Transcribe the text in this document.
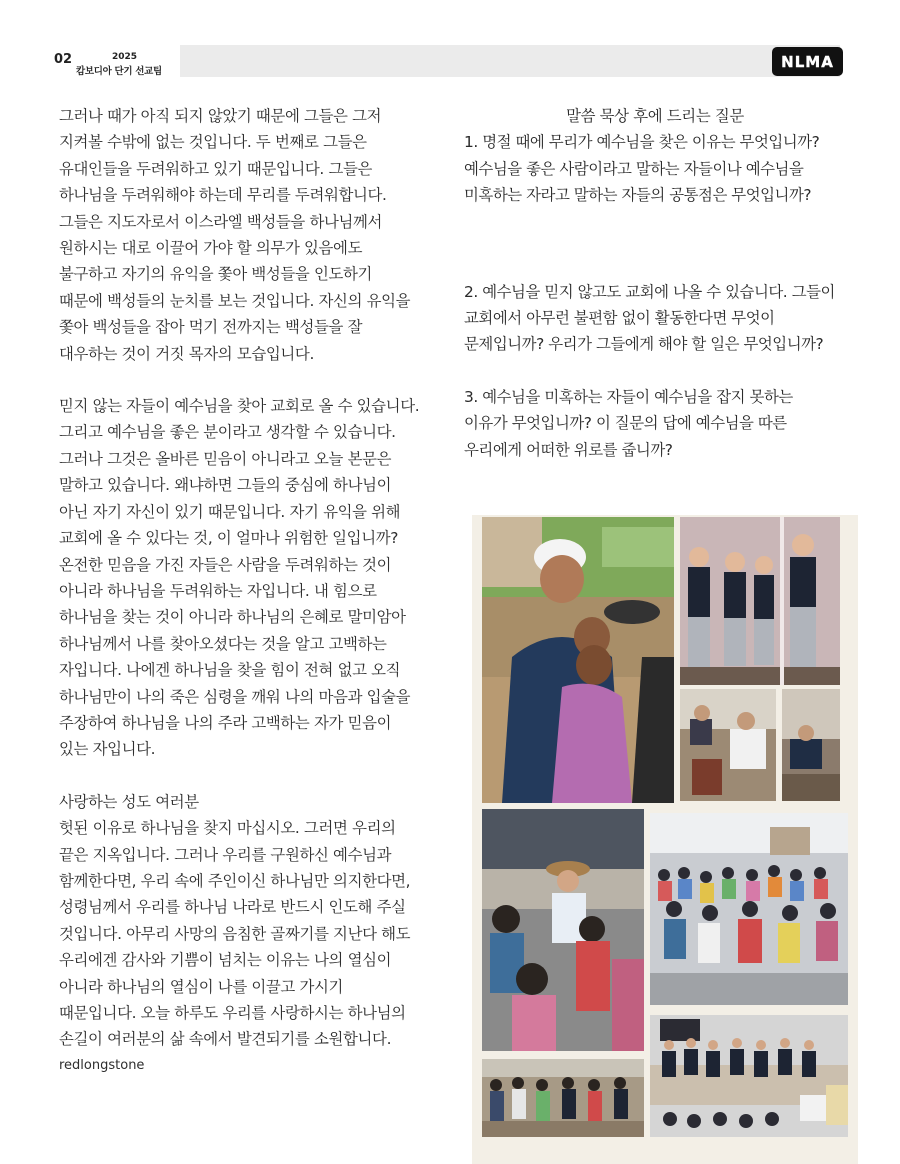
02	2025
캄보디아 단기 선교팀
NLMA

그러나 때가 아직 되지 않았기 때문에 그들은 그저
지켜볼 수밖에 없는 것입니다. 두 번째로 그들은
유대인들을 두려워하고 있기 때문입니다. 그들은
하나님을 두려워해야 하는데 무리를 두려워합니다.
그들은 지도자로서 이스라엘 백성들을 하나님께서
원하시는 대로 이끌어 가야 할 의무가 있음에도
불구하고 자기의 유익을 쫓아 백성들을 인도하기
때문에 백성들의 눈치를 보는 것입니다. 자신의 유익을
쫓아 백성들을 잡아 먹기 전까지는 백성들을 잘
대우하는 것이 거짓 목자의 모습입니다.

믿지 않는 자들이 예수님을 찾아 교회로 올 수 있습니다.
그리고 예수님을 좋은 분이라고 생각할 수 있습니다.
그러나 그것은 올바른 믿음이 아니라고 오늘 본문은
말하고 있습니다. 왜냐하면 그들의 중심에 하나님이
아닌 자기 자신이 있기 때문입니다. 자기 유익을 위해
교회에 올 수 있다는 것, 이 얼마나 위험한 일입니까?
온전한 믿음을 가진 자들은 사람을 두려워하는 것이
아니라 하나님을 두려워하는 자입니다. 내 힘으로
하나님을 찾는 것이 아니라 하나님의 은혜로 말미암아
하나님께서 나를 찾아오셨다는 것을 알고 고백하는
자입니다. 나에겐 하나님을 찾을 힘이 전혀 없고 오직
하나님만이 나의 죽은 심령을 깨워 나의 마음과 입술을
주장하여 하나님을 나의 주라 고백하는 자가 믿음이
있는 자입니다.

사랑하는 성도 여러분
헛된 이유로 하나님을 찾지 마십시오. 그러면 우리의
끝은 지옥입니다. 그러나 우리를 구원하신 예수님과
함께한다면, 우리 속에 주인이신 하나님만 의지한다면,
성령님께서 우리를 하나님 나라로 반드시 인도해 주실
것입니다. 아무리 사망의 음침한 골짜기를 지난다 해도
우리에겐 감사와 기쁨이 넘치는 이유는 나의 열심이
아니라 하나님의 열심이 나를 이끌고 가시기
때문입니다. 오늘 하루도 우리를 사랑하시는 하나님의
손길이 여러분의 삶 속에서 발견되기를 소원합니다.

redlongstone

말씀 묵상 후에 드리는 질문

1. 명절 때에 무리가 예수님을 찾은 이유는 무엇입니까?
예수님을 좋은 사람이라고 말하는 자들이나 예수님을
미혹하는 자라고 말하는 자들의 공통점은 무엇입니까?

2. 예수님을 믿지 않고도 교회에 나올 수 있습니다. 그들이
교회에서 아무런 불편함 없이 활동한다면 무엇이
문제입니까? 우리가 그들에게 해야 할 일은 무엇입니까?

3. 예수님을 미혹하는 자들이 예수님을 잡지 못하는
이유가 무엇입니까? 이 질문의 답에 예수님을 따른
우리에게 어떠한 위로를 줍니까?
